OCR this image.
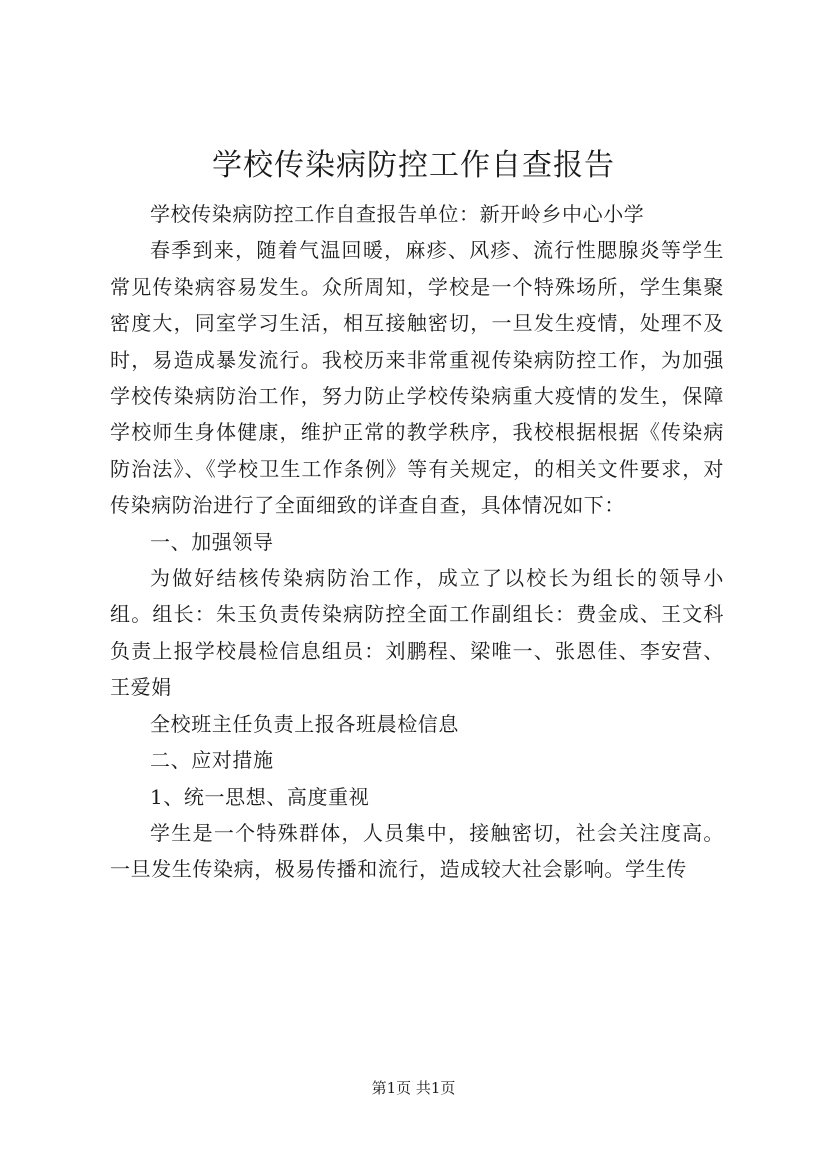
学校传染病防控工作自查报告

学校传染病防控工作自查报告单位：新开岭乡中心小学

春季到来，随着气温回暖，麻疹、风疹、流行性腮腺炎等学生常见传染病容易发生。众所周知，学校是一个特殊场所，学生集聚密度大，同室学习生活，相互接触密切，一旦发生疫情，处理不及时，易造成暴发流行。我校历来非常重视传染病防控工作，为加强学校传染病防治工作，努力防止学校传染病重大疫情的发生，保障学校师生身体健康，维护正常的教学秩序，我校根据根据《传染病防治法》、《学校卫生工作条例》等有关规定，的相关文件要求，对传染病防治进行了全面细致的详查自查，具体情况如下：

一、加强领导

为做好结核传染病防治工作，成立了以校长为组长的领导小组。组长：朱玉负责传染病防控全面工作副组长：费金成、王文科负责上报学校晨检信息组员：刘鹏程、梁唯一、张恩佳、李安营、王爱娟

全校班主任负责上报各班晨检信息

二、应对措施

1、统一思想、高度重视

学生是一个特殊群体，人员集中，接触密切，社会关注度高。一旦发生传染病，极易传播和流行，造成较大社会影响。学生传

第1页 共1页
